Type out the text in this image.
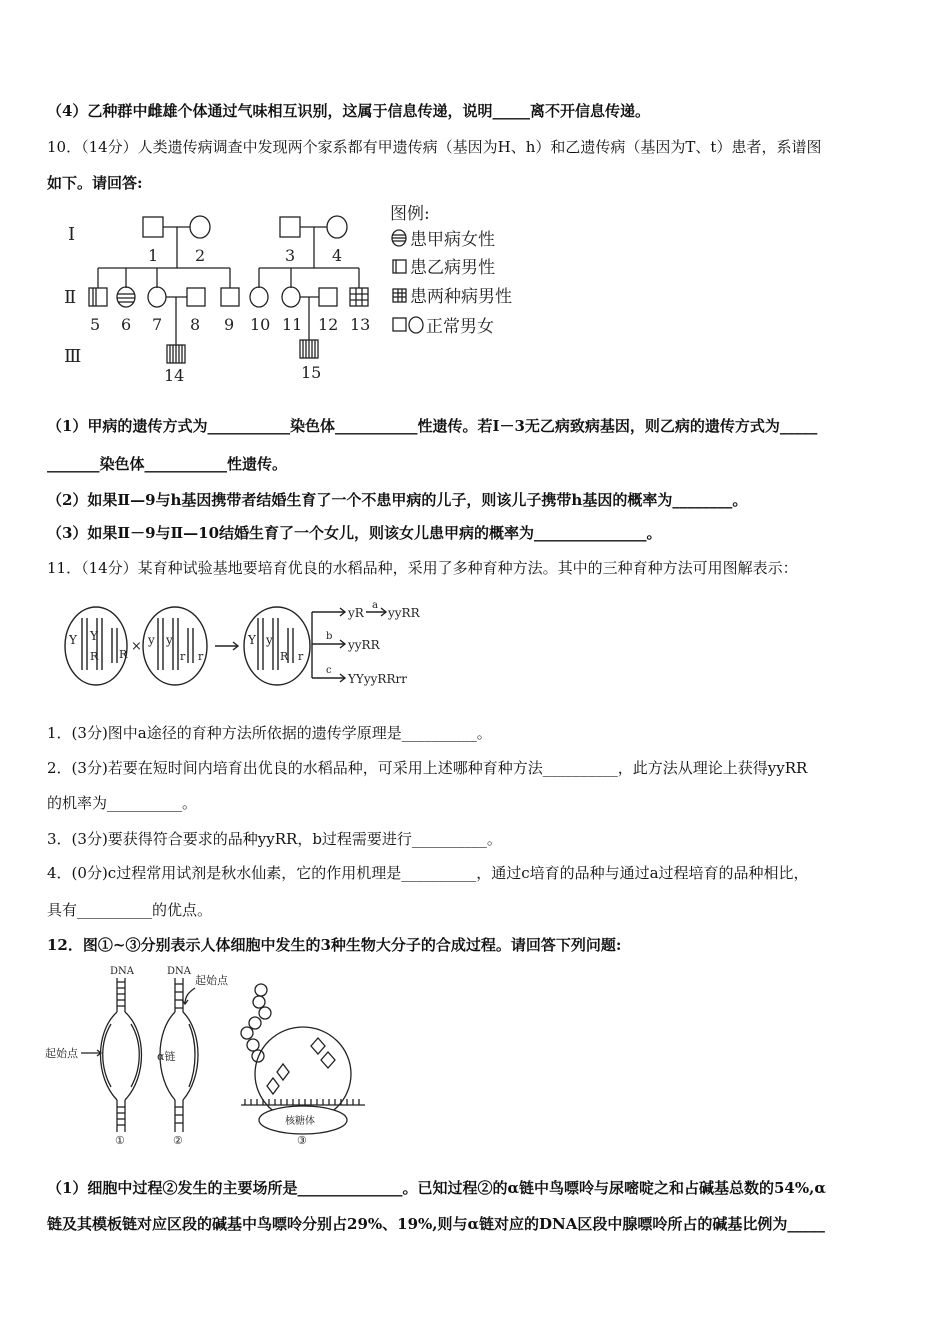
（4）乙种群中雌雄个体通过气味相互识别，这属于信息传递，说明_____离不开信息传递。
10．（14分）人类遗传病调查中发现两个家系都有甲遗传病（基因为H、h）和乙遗传病（基因为T、t）患者，系谱图
如下。请回答:
Ⅰ
Ⅱ
Ⅲ
1 2
5 6 7 8 9
14
3 4
10 11 12 13
15
图例:
患甲病女性
患乙病男性
患两种病男性
正常男女
（1）甲病的遗传方式为___________染色体___________性遗传。若Ⅰ－3无乙病致病基因，则乙病的遗传方式为_____
_______染色体___________性遗传。
（2）如果Ⅱ—9与h基因携带者结婚生育了一个不患甲病的儿子，则该儿子携带h基因的概率为________。
（3）如果Ⅱ－9与Ⅱ—10结婚生育了一个女儿，则该女儿患甲病的概率为_______________。
11．（14分）某育种试验基地要培育优良的水稻品种，采用了多种育种方法。其中的三种育种方法可用图解表示：
Y Y
R R
× y y
r r
Y y
R r
yR
a
yyRR
b
yyRR
c
YYyyRRrr
1．(3分)图中a途径的育种方法所依据的遗传学原理是__________。
2．(3分)若要在短时间内培育出优良的水稻品种，可采用上述哪种育种方法__________，此方法从理论上获得yyRR
的机率为__________。
3．(3分)要获得符合要求的品种yyRR，b过程需要进行__________。
4．(0分)c过程常用试剂是秋水仙素，它的作用机理是__________，通过c培育的品种与通过a过程培育的品种相比，
具有__________的优点。
12．图①~③分别表示人体细胞中发生的3种生物大分子的合成过程。请回答下列问题:
DNA
起始点
①
DNA
α链
起始点
②
核糖体
③
（1）细胞中过程②发生的主要场所是______________。已知过程②的α链中鸟嘌呤与尿嘧啶之和占碱基总数的54%,α
链及其模板链对应区段的碱基中鸟嘌呤分别占29%、19%,则与α链对应的DNA区段中腺嘌呤所占的碱基比例为_____
